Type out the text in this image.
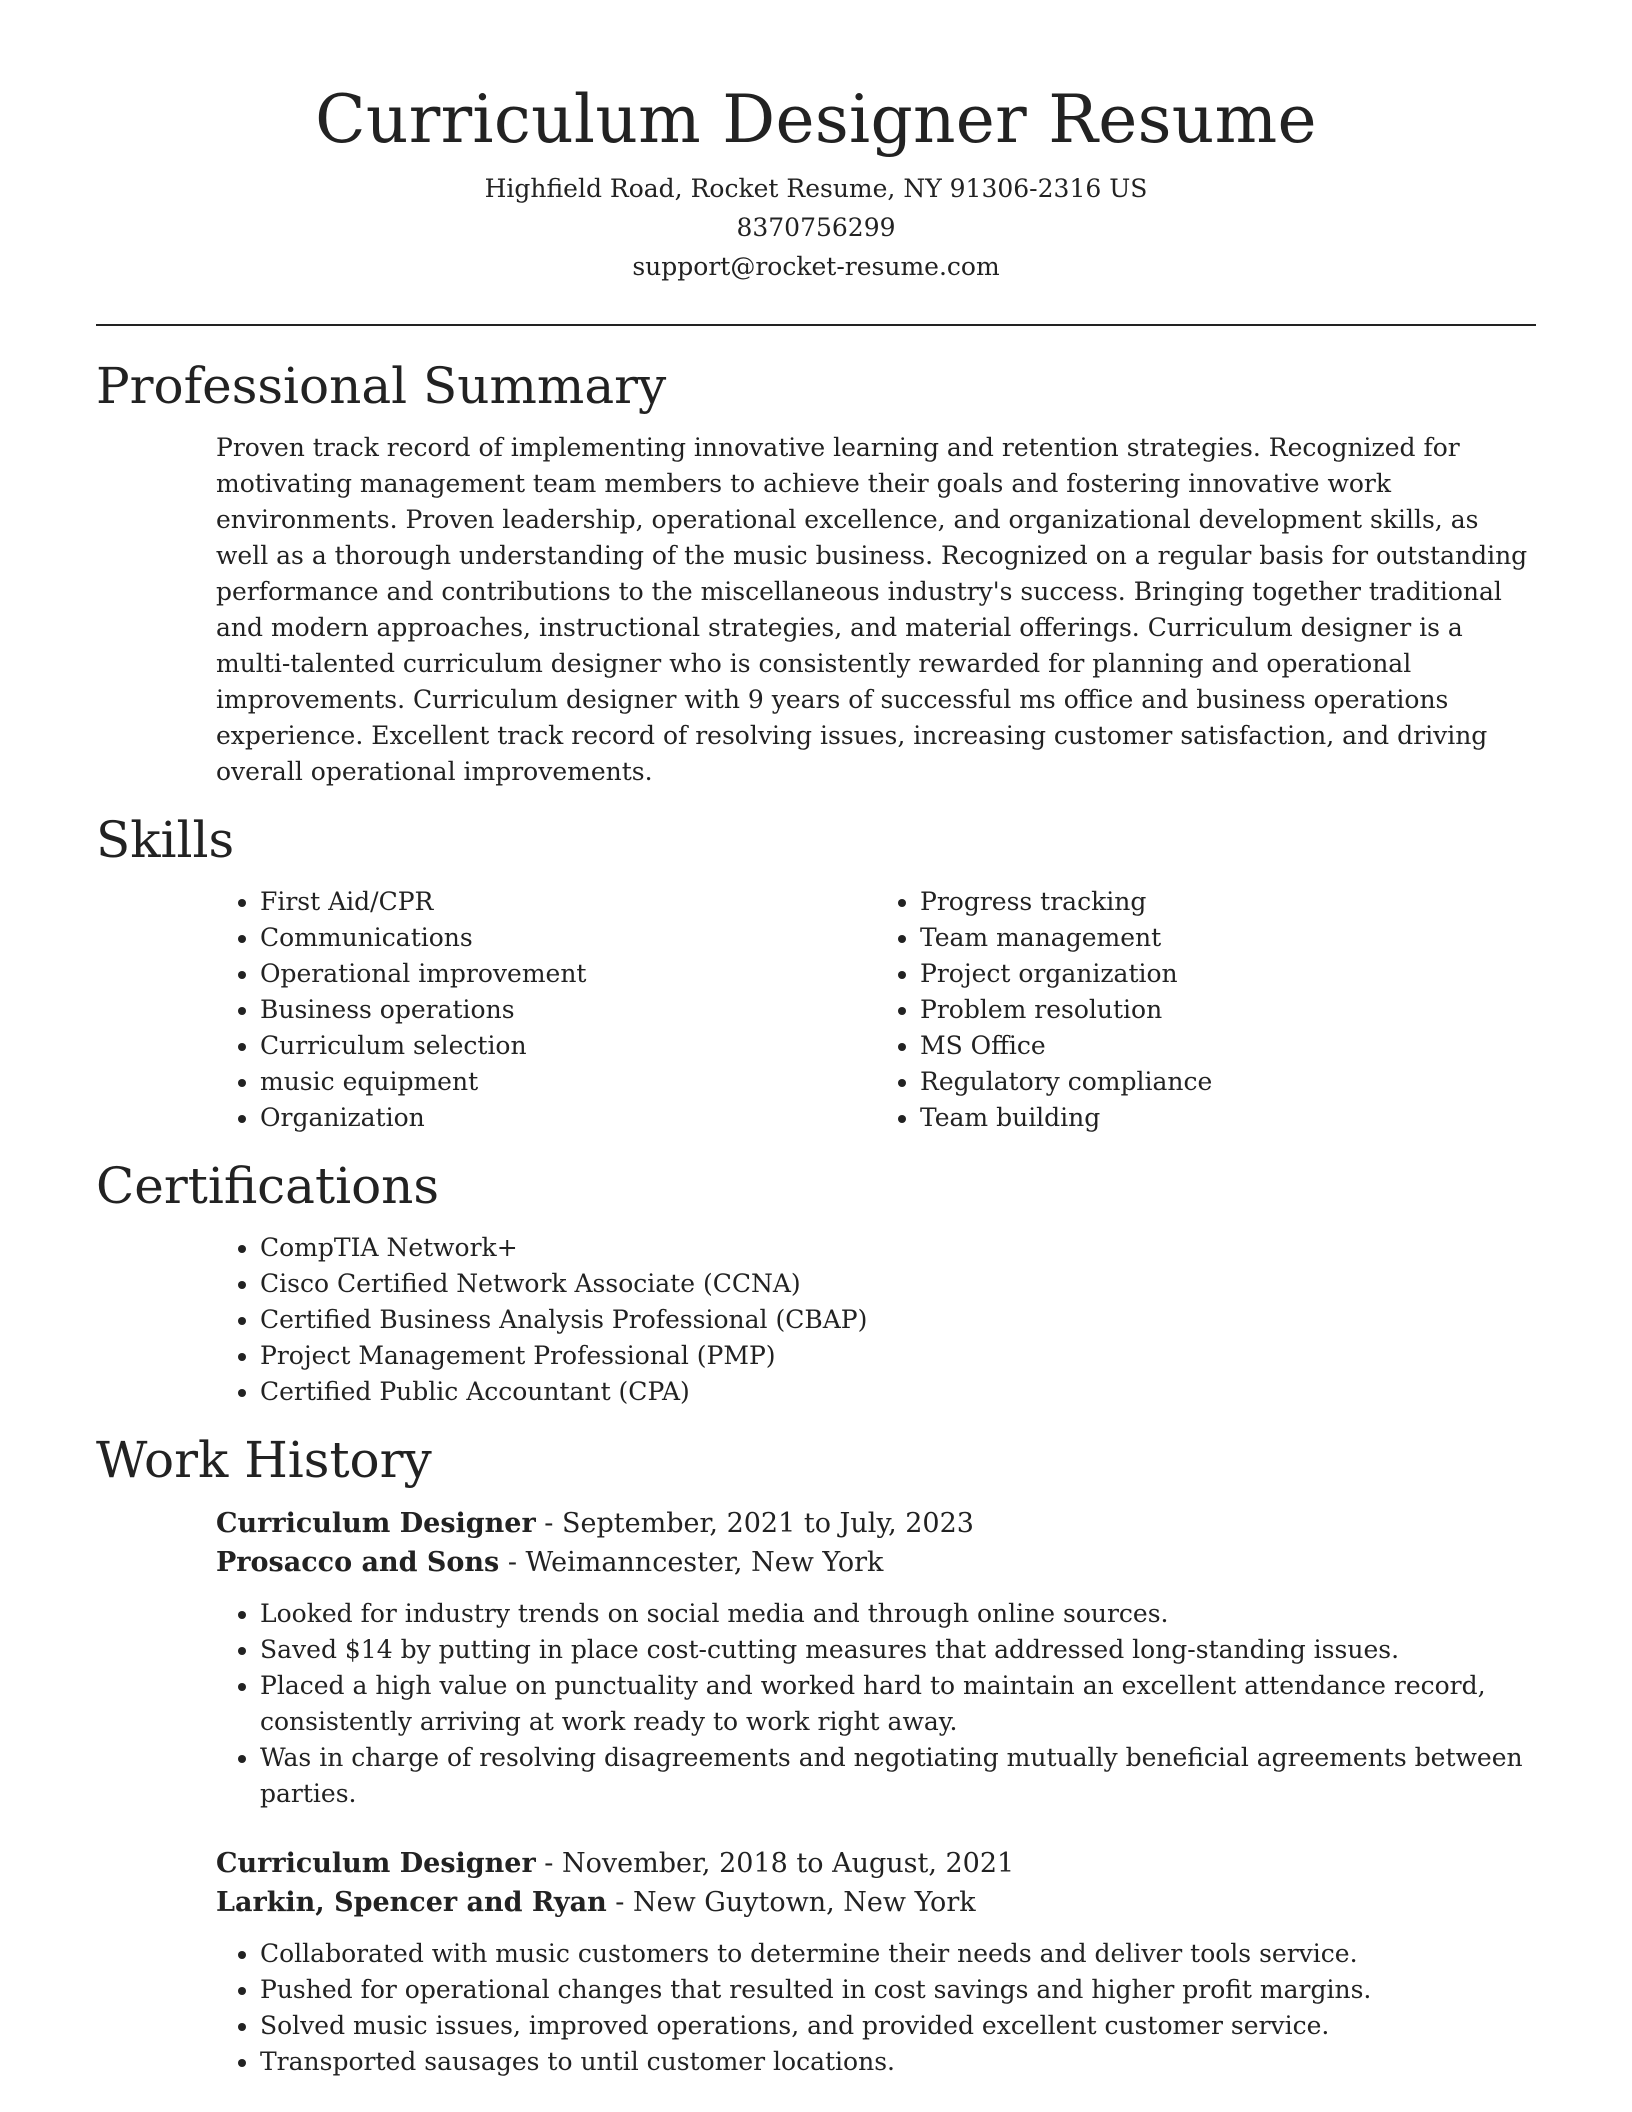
Curriculum Designer Resume
Highfield Road, Rocket Resume, NY 91306-2316 US
8370756299
support@rocket-resume.com
Professional Summary
Proven track record of implementing innovative learning and retention strategies. Recognized for motivating management team members to achieve their goals and fostering innovative work environments. Proven leadership, operational excellence, and organizational development skills, as well as a thorough understanding of the music business. Recognized on a regular basis for outstanding performance and contributions to the miscellaneous industry's success. Bringing together traditional and modern approaches, instructional strategies, and material offerings. Curriculum designer is a multi-talented curriculum designer who is consistently rewarded for planning and operational improvements. Curriculum designer with 9 years of successful ms office and business operations experience. Excellent track record of resolving issues, increasing customer satisfaction, and driving overall operational improvements.
Skills
• First Aid/CPR
• Communications
• Operational improvement
• Business operations
• Curriculum selection
• music equipment
• Organization
• Progress tracking
• Team management
• Project organization
• Problem resolution
• MS Office
• Regulatory compliance
• Team building
Certifications
• CompTIA Network+
• Cisco Certified Network Associate (CCNA)
• Certified Business Analysis Professional (CBAP)
• Project Management Professional (PMP)
• Certified Public Accountant (CPA)
Work History
Curriculum Designer - September, 2021 to July, 2023
Prosacco and Sons - Weimanncester, New York
• Looked for industry trends on social media and through online sources.
• Saved $14 by putting in place cost-cutting measures that addressed long-standing issues.
• Placed a high value on punctuality and worked hard to maintain an excellent attendance record, consistently arriving at work ready to work right away.
• Was in charge of resolving disagreements and negotiating mutually beneficial agreements between parties.
Curriculum Designer - November, 2018 to August, 2021
Larkin, Spencer and Ryan - New Guytown, New York
• Collaborated with music customers to determine their needs and deliver tools service.
• Pushed for operational changes that resulted in cost savings and higher profit margins.
• Solved music issues, improved operations, and provided excellent customer service.
• Transported sausages to until customer locations.
